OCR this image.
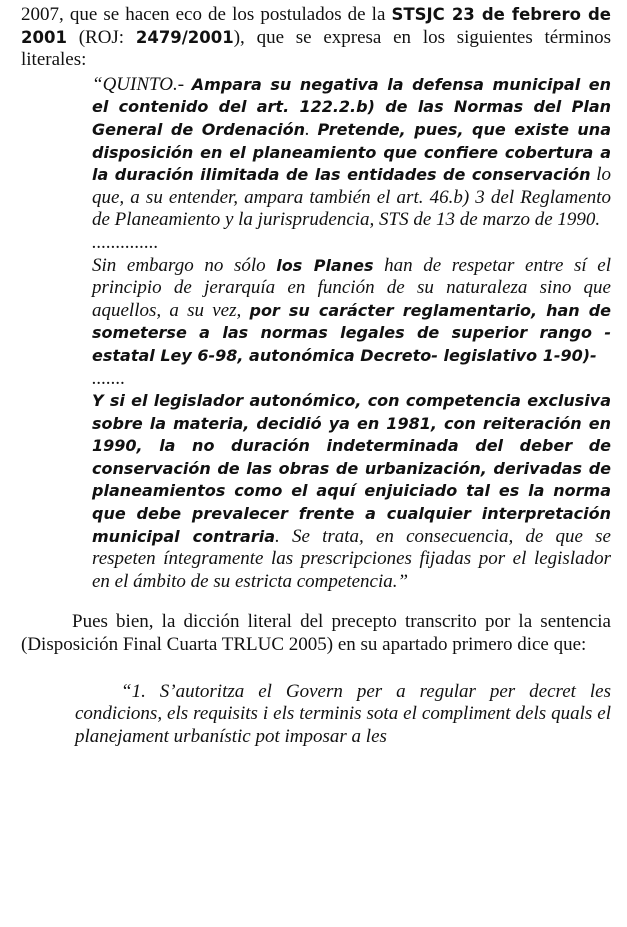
2007, que se hacen eco de los postulados de la STSJC 23 de febrero de 2001 (ROJ: 2479/2001), que se expresa en los siguientes términos literales:

“QUINTO.- Ampara su negativa la defensa municipal en el contenido del art. 122.2.b) de las Normas del Plan General de Ordenación. Pretende, pues, que existe una disposición en el planeamiento que confiere cobertura a la duración ilimitada de las entidades de conservación lo que, a su entender, ampara también el art. 46.b) 3 del Reglamento de Planeamiento y la jurisprudencia, STS de 13 de marzo de 1990.

..............

Sin embargo no sólo los Planes han de respetar entre sí el principio de jerarquía en función de su naturaleza sino que aquellos, a su vez, por su carácter reglamentario, han de someterse a las normas legales de superior rango - estatal Ley 6-98, autonómica Decreto- legislativo 1-90)-

.......

Y si el legislador autonómico, con competencia exclusiva sobre la materia, decidió ya en 1981, con reiteración en 1990, la no duración indeterminada del deber de conservación de las obras de urbanización, derivadas de planeamientos como el aquí enjuiciado tal es la norma que debe prevalecer frente a cualquier interpretación municipal contraria. Se trata, en consecuencia, de que se respeten íntegramente las prescripciones fijadas por el legislador en el ámbito de su estricta competencia.”

Pues bien, la dicción literal del precepto transcrito por la sentencia (Disposición Final Cuarta TRLUC 2005) en su apartado primero dice que:

“1. S’autoritza el Govern per a regular per decret les condicions, els requisits i els terminis sota el compliment dels quals el planejament urbanístic pot imposar a les
